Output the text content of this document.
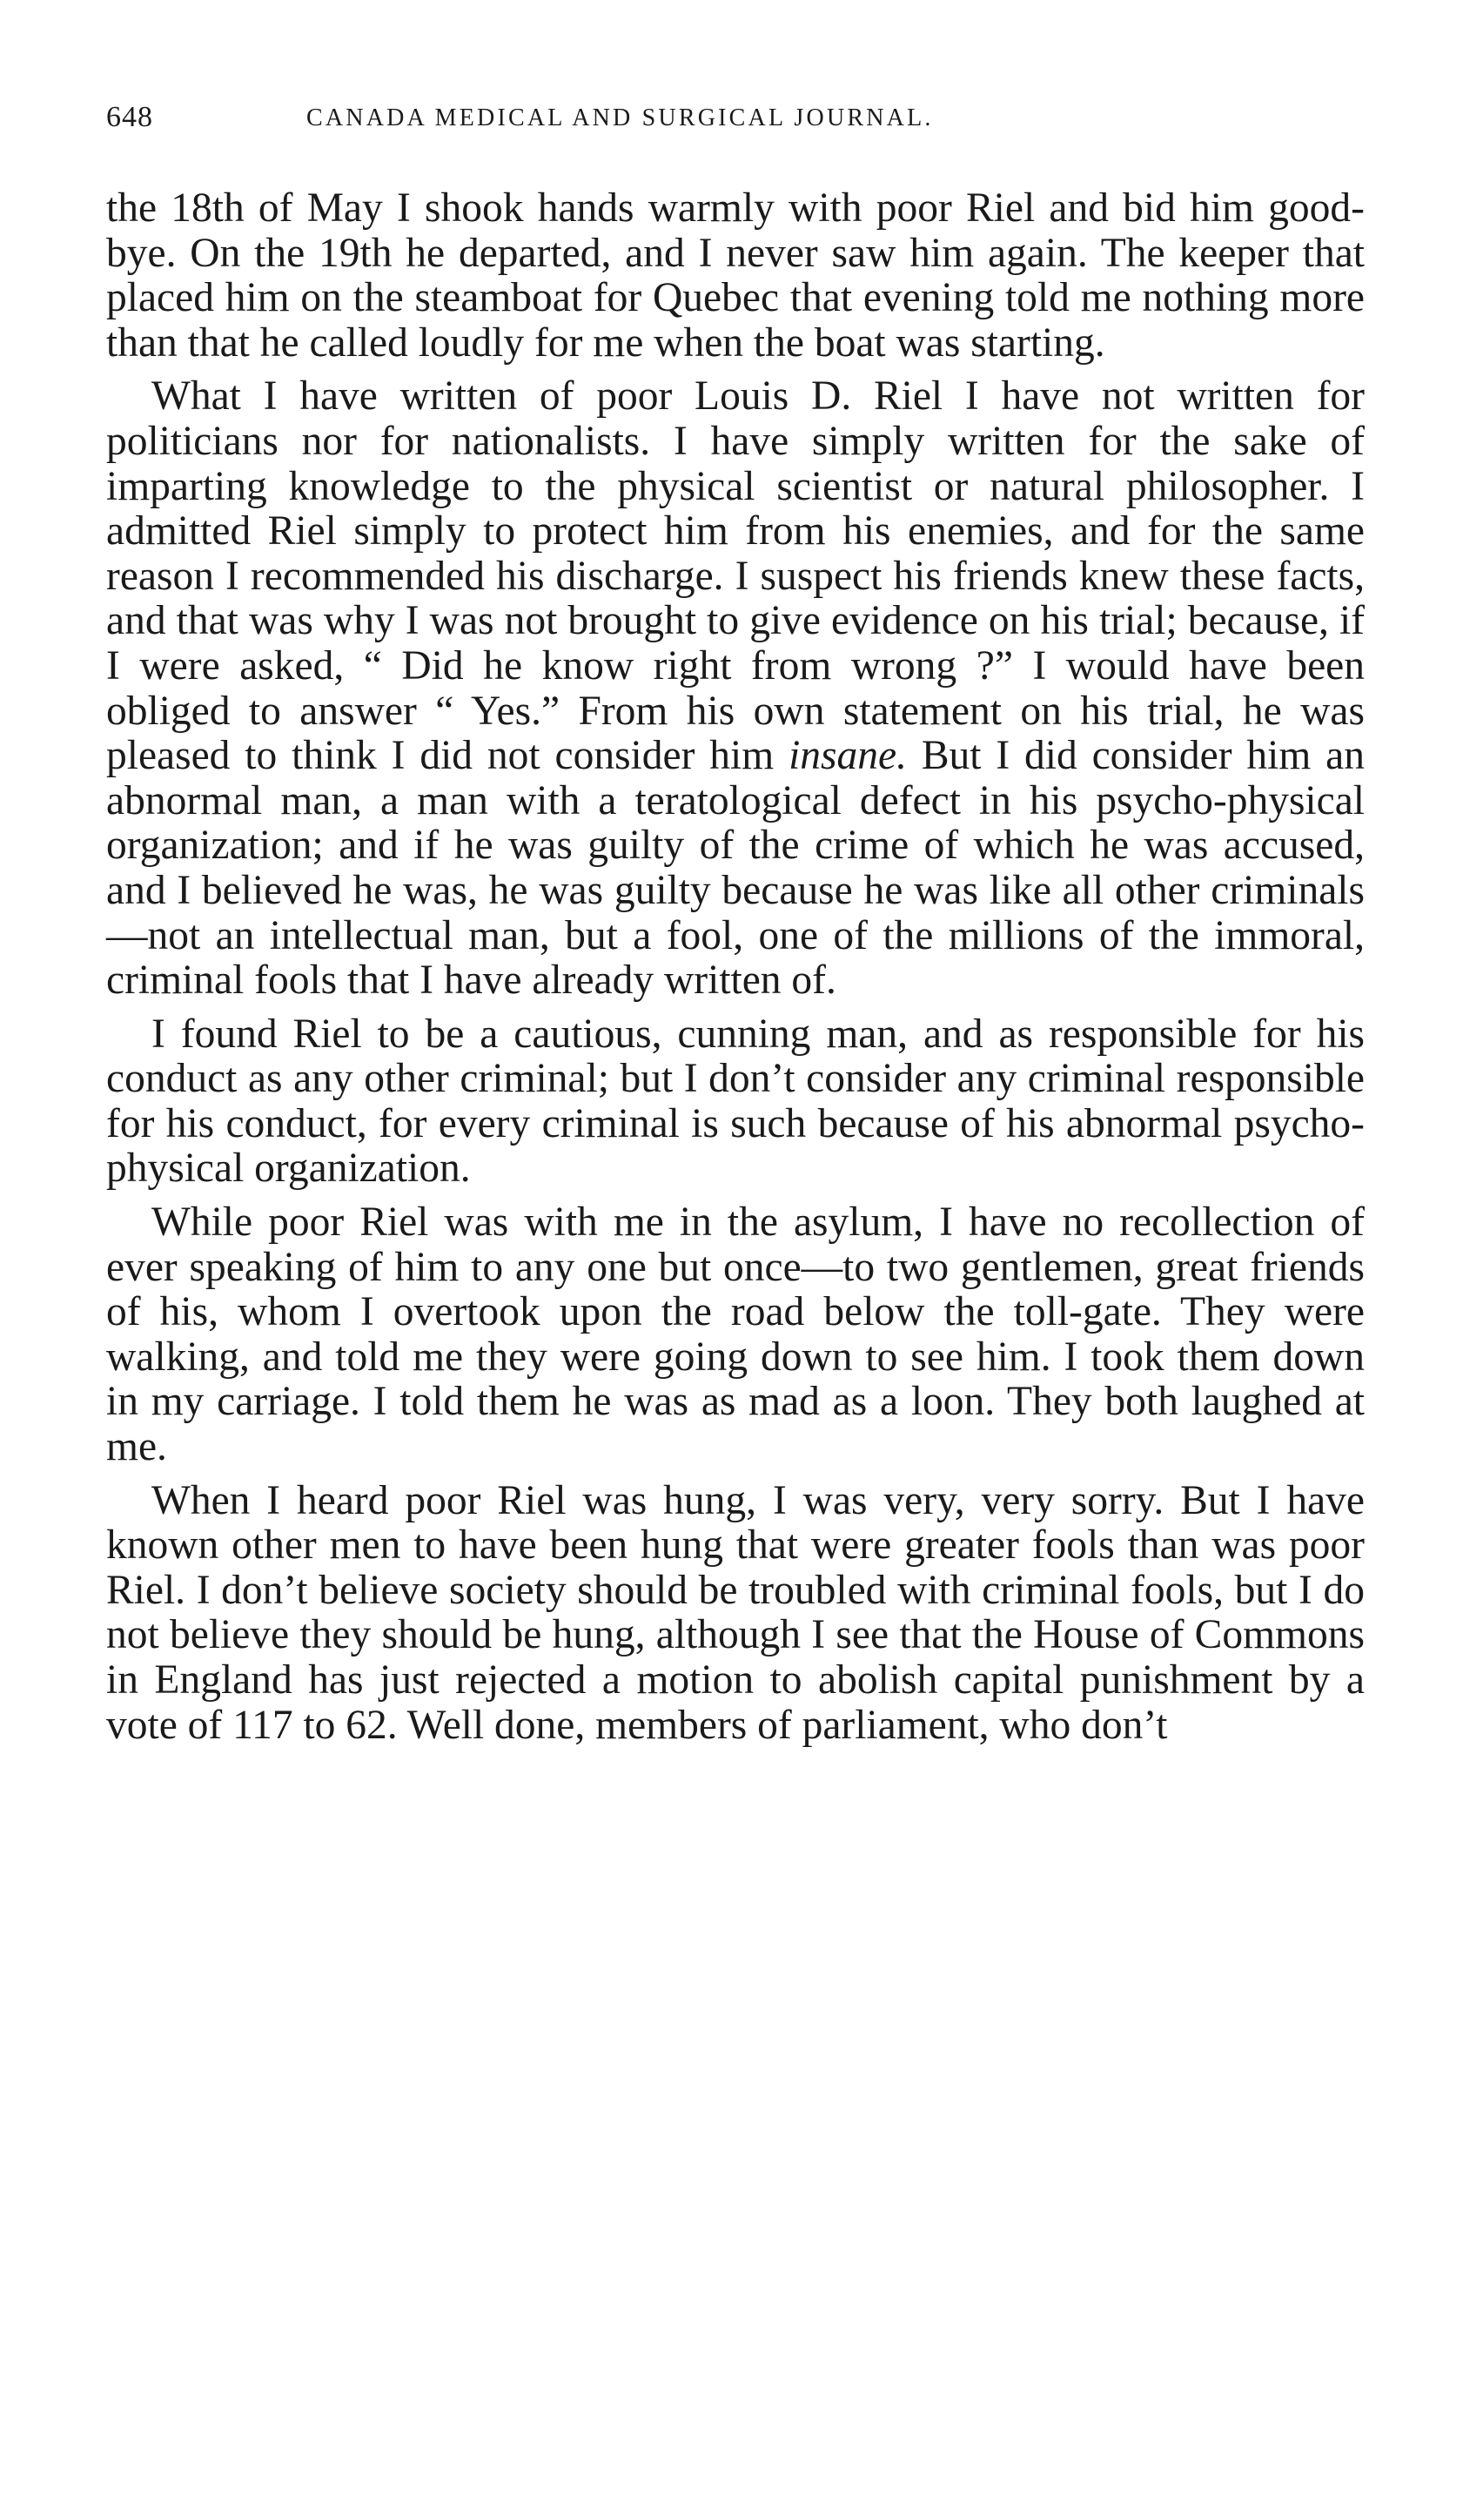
648	CANADA MEDICAL AND SURGICAL JOURNAL.

the 18th of May I shook hands warmly with poor Riel and bid him good-bye. On the 19th he departed, and I never saw him again. The keeper that placed him on the steamboat for Quebec that evening told me nothing more than that he called loudly for me when the boat was starting.

What I have written of poor Louis D. Riel I have not written for politicians nor for nationalists. I have simply written for the sake of imparting knowledge to the physical scientist or natural philosopher. I admitted Riel simply to protect him from his enemies, and for the same reason I recommended his discharge. I suspect his friends knew these facts, and that was why I was not brought to give evidence on his trial; because, if I were asked, “ Did he know right from wrong ?” I would have been obliged to answer “ Yes.” From his own statement on his trial, he was pleased to think I did not consider him insane. But I did consider him an abnormal man, a man with a teratological defect in his psycho-physical organization; and if he was guilty of the crime of which he was accused, and I believed he was, he was guilty because he was like all other criminals—not an intellectual man, but a fool, one of the millions of the immoral, criminal fools that I have already written of.

I found Riel to be a cautious, cunning man, and as responsible for his conduct as any other criminal; but I don’t consider any criminal responsible for his conduct, for every criminal is such because of his abnormal psycho-physical organization.

While poor Riel was with me in the asylum, I have no recollection of ever speaking of him to any one but once—to two gentlemen, great friends of his, whom I overtook upon the road below the toll-gate. They were walking, and told me they were going down to see him. I took them down in my carriage. I told them he was as mad as a loon. They both laughed at me.

When I heard poor Riel was hung, I was very, very sorry. But I have known other men to have been hung that were greater fools than was poor Riel. I don’t believe society should be troubled with criminal fools, but I do not believe they should be hung, although I see that the House of Commons in England has just rejected a motion to abolish capital punishment by a vote of 117 to 62. Well done, members of parliament, who don’t
